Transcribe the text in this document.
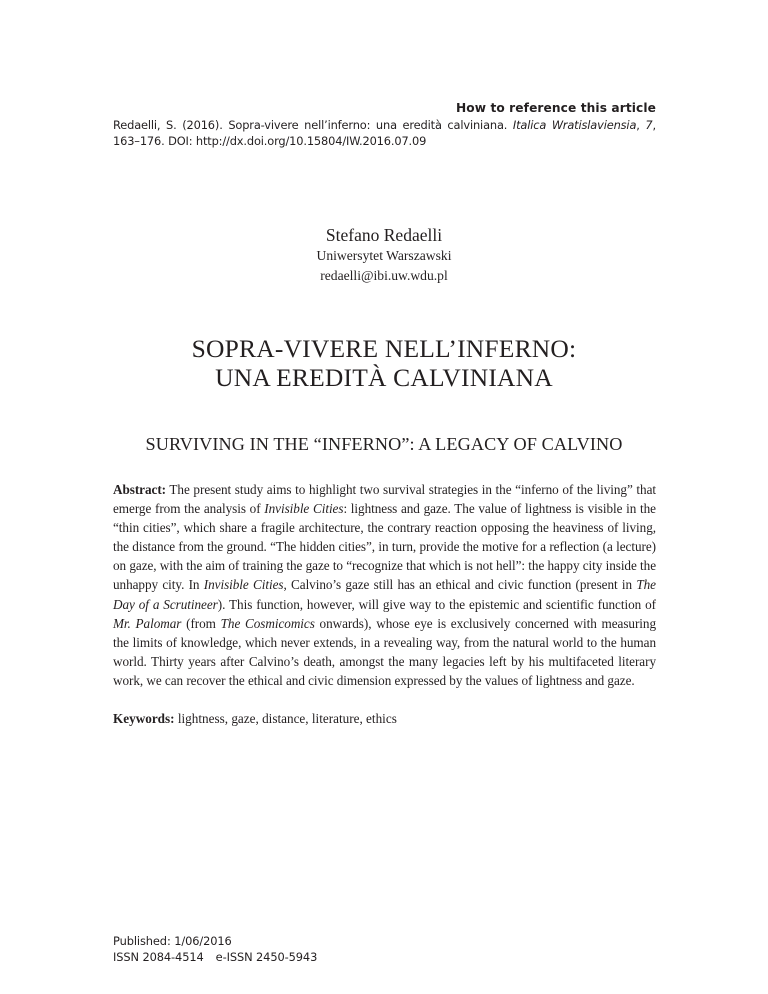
How to reference this article
Redaelli, S. (2016). Sopra-vivere nell’inferno: una eredità calviniana. Italica Wratislaviensia, 7, 163–176. DOI: http://dx.doi.org/10.15804/IW.2016.07.09
Stefano Redaelli
Uniwersytet Warszawski
redaelli@ibi.uw.wdu.pl
SOPRA-VIVERE NELL’INFERNO:
UNA EREDITÀ CALVINIANA
SURVIVING IN THE “INFERNO”: A LEGACY OF CALVINO
Abstract: The present study aims to highlight two survival strategies in the “inferno of the living” that emerge from the analysis of Invisible Cities: lightness and gaze. The value of lightness is visible in the “thin cities”, which share a fragile architecture, the contrary reaction opposing the heaviness of living, the distance from the ground. “The hidden cities”, in turn, provide the motive for a reflection (a lecture) on gaze, with the aim of training the gaze to “recognize that which is not hell”: the happy city inside the unhappy city. In Invisible Cities, Calvino’s gaze still has an ethical and civic function (present in The Day of a Scrutineer). This function, however, will give way to the epistemic and scientific function of Mr. Palomar (from The Cosmicomics onwards), whose eye is exclusively concerned with measuring the limits of knowledge, which never extends, in a revealing way, from the natural world to the human world. Thirty years after Calvino’s death, amongst the many legacies left by his multifaceted literary work, we can recover the ethical and civic dimension expressed by the values of lightness and gaze.
Keywords: lightness, gaze, distance, literature, ethics
Published: 1/06/2016
ISSN 2084-4514 e-ISSN 2450-5943
